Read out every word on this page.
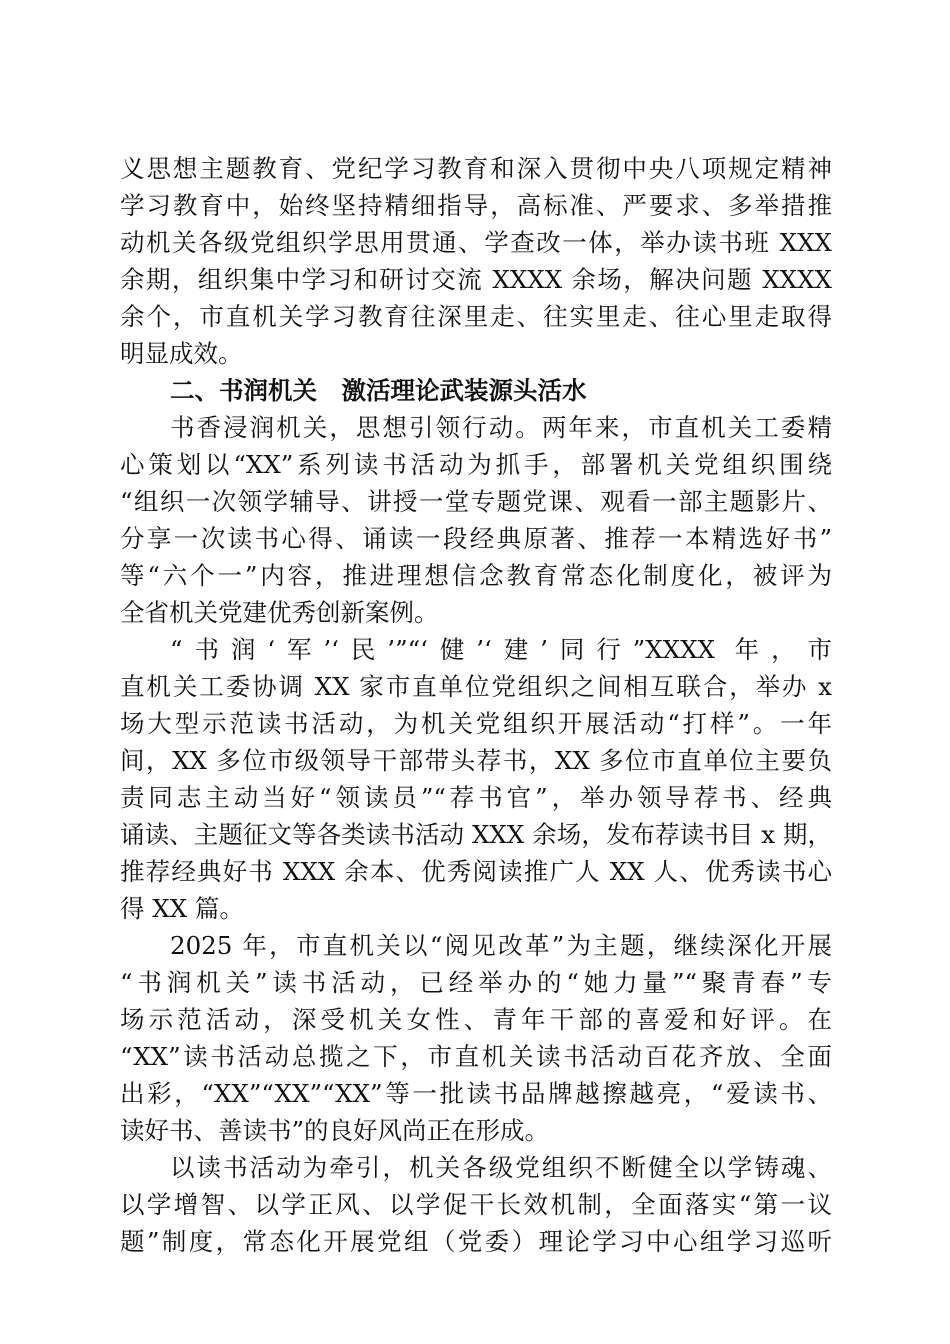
义思想主题教育、党纪学习教育和深入贯彻中央八项规定精神
学习教育中，始终坚持精细指导，高标准、严要求、多举措推
动机关各级党组织学思用贯通、学查改一体，举办读书班 XXX
余期，组织集中学习和研讨交流 XXXX 余场，解决问题 XXXX
余个，市直机关学习教育往深里走、往实里走、往心里走取得
明显成效。
二、书润机关　激活理论武装源头活水
书香浸润机关，思想引领行动。两年来，市直机关工委精
心策划以“XX”系列读书活动为抓手，部署机关党组织围绕
“组织一次领学辅导、讲授一堂专题党课、观看一部主题影片、
分享一次读书心得、诵读一段经典原著、推荐一本精选好书”
等“六个一”内容，推进理想信念教育常态化制度化，被评为
全省机关党建优秀创新案例。
“书润‘军’‘民’”“‘健’‘建’同行”XXXX 年，市
直机关工委协调 XX 家市直单位党组织之间相互联合，举办 x
场大型示范读书活动，为机关党组织开展活动“打样”。一年
间，XX 多位市级领导干部带头荐书，XX 多位市直单位主要负
责同志主动当好“领读员”“荐书官”，举办领导荐书、经典
诵读、主题征文等各类读书活动 XXX 余场，发布荐读书目 x 期，
推荐经典好书 XXX 余本、优秀阅读推广人 XX 人、优秀读书心
得 XX 篇。
2025 年，市直机关以“阅见改革”为主题，继续深化开展
“书润机关”读书活动，已经举办的“她力量”“聚青春”专
场示范活动，深受机关女性、青年干部的喜爱和好评。在
“XX”读书活动总揽之下，市直机关读书活动百花齐放、全面
出彩，“XX”“XX”“XX”等一批读书品牌越擦越亮，“爱读书、
读好书、善读书”的良好风尚正在形成。
以读书活动为牵引，机关各级党组织不断健全以学铸魂、
以学增智、以学正风、以学促干长效机制，全面落实“第一议
题”制度，常态化开展党组（党委）理论学习中心组学习巡听
